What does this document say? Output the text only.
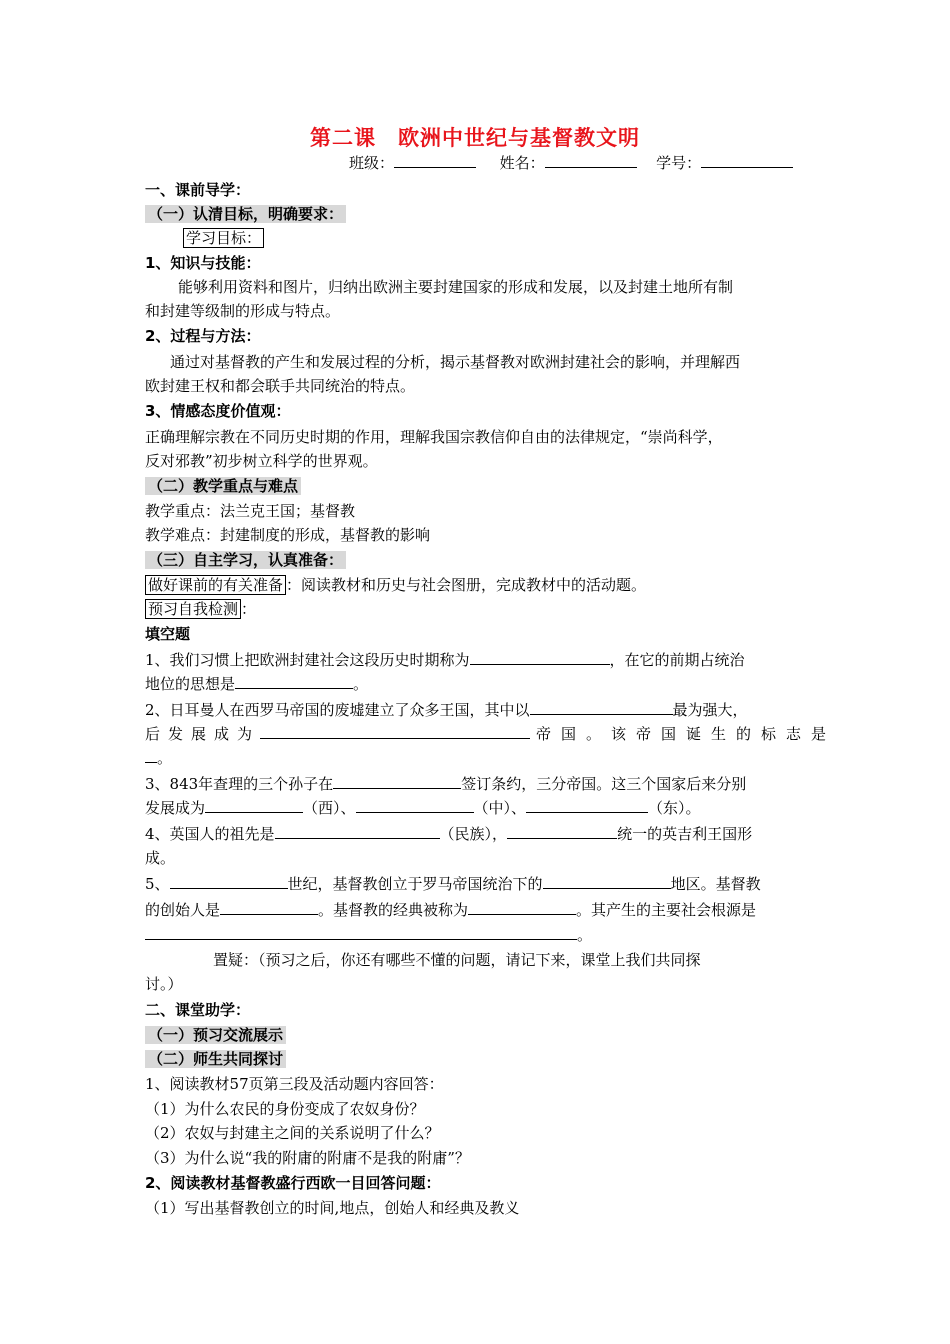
第二课　欧洲中世纪与基督教文明
班级：	姓名：	学号：
一、课前导学：
（一）认清目标，明确要求：
学习目标：
1、知识与技能：
能够利用资料和图片，归纳出欧洲主要封建国家的形成和发展，以及封建土地所有制
和封建等级制的形成与特点。
2、过程与方法：
通过对基督教的产生和发展过程的分析，揭示基督教对欧洲封建社会的影响，并理解西
欧封建王权和都会联手共同统治的特点。
3、情感态度价值观：
正确理解宗教在不同历史时期的作用，理解我国宗教信仰自由的法律规定，“崇尚科学，
反对邪教”初步树立科学的世界观。
（二）教学重点与难点
教学重点：法兰克王国；基督教
教学难点：封建制度的形成，基督教的影响
（三）自主学习，认真准备：
做好课前的有关准备 ：阅读教材和历史与社会图册，完成教材中的活动题。
预习自我检测 ：
填空题
1、我们习惯上把欧洲封建社会这段历史时期称为	，在它的前期占统治
地位的思想是	。
2、日耳曼人在西罗马帝国的废墟建立了众多王国，其中以	最为强大，
后发展成为	帝国。该帝国诞生的标志是
。
3、843年查理的三个孙子在	签订条约，三分帝国。这三个国家后来分别
发展成为	（西）、	（中）、	（东）。
4、英国人的祖先是	（民族），	统一的英吉利王国形
成。
5、	世纪，基督教创立于罗马帝国统治下的	地区。基督教
的创始人是	。基督教的经典被称为	。其产生的主要社会根源是
。
置疑：（预习之后，你还有哪些不懂的问题，请记下来，课堂上我们共同探
讨。）
二、课堂助学：
（一）预习交流展示
（二）师生共同探讨
1、阅读教材57页第三段及活动题内容回答：
（1）为什么农民的身份变成了农奴身份？
（2）农奴与封建主之间的关系说明了什么？
（3）为什么说“我的附庸的附庸不是我的附庸”？
2、阅读教材基督教盛行西欧一目回答问题：
（1）写出基督教创立的时间,地点，创始人和经典及教义
